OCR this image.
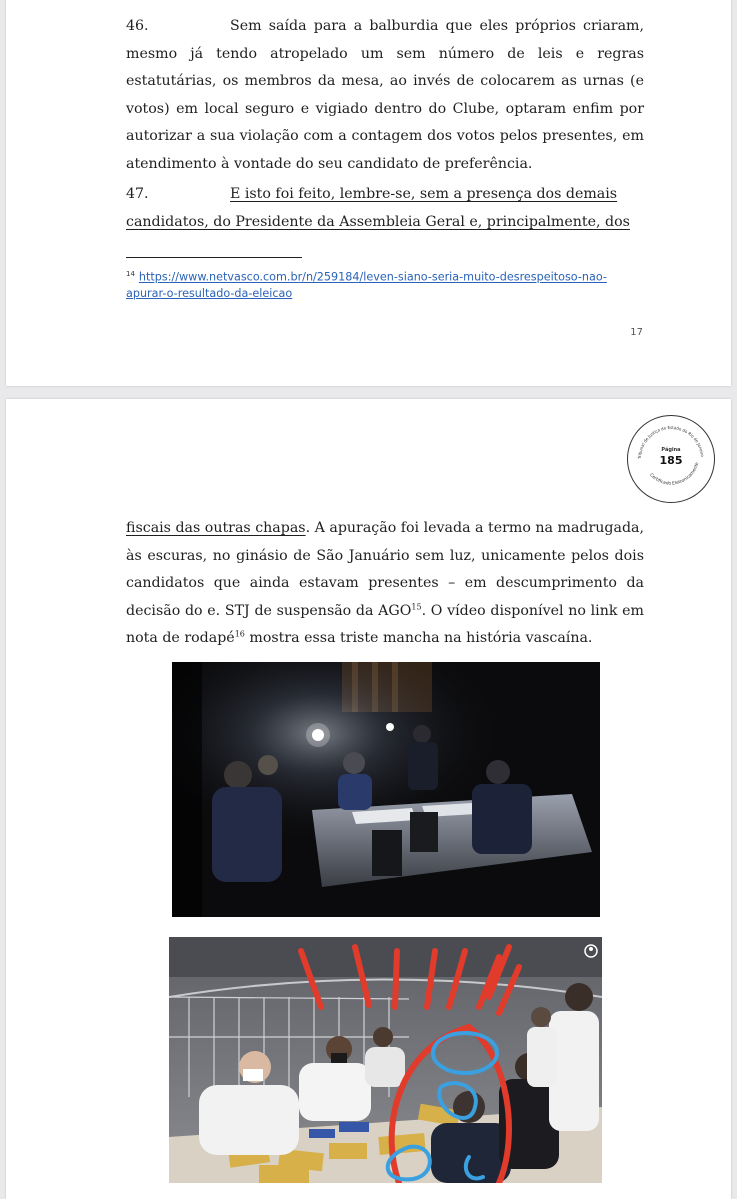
46.	Sem saída para a balburdia que eles próprios criaram, mesmo já tendo atropelado um sem número de leis e regras estatutárias, os membros da mesa, ao invés de colocarem as urnas (e votos) em local seguro e vigiado dentro do Clube, optaram enfim por autorizar a sua violação com a contagem dos votos pelos presentes, em atendimento à vontade do seu candidato de preferência.

47.	E isto foi feito, lembre-se, sem a presença dos demais
candidatos, do Presidente da Assembleia Geral e, principalmente, dos

$^{14}$ https://www.netvasco.com.br/n/259184/leven-siano-seria-muito-desrespeitoso-nao-apurar-o-resultado-da-eleicao
17
Tribunal de Justiça do Estado do Rio de Janeiro
Certificado Eletronicamente
Página
185

fiscais das outras chapas. A apuração foi levada a termo na madrugada, às escuras, no ginásio de São Januário sem luz, unicamente pelos dois candidatos que ainda estavam presentes – em descumprimento da decisão do e. STJ de suspensão da AGO$^{15}$. O vídeo disponível no link em nota de rodapé$^{16}$ mostra essa triste mancha na história vascaína.
